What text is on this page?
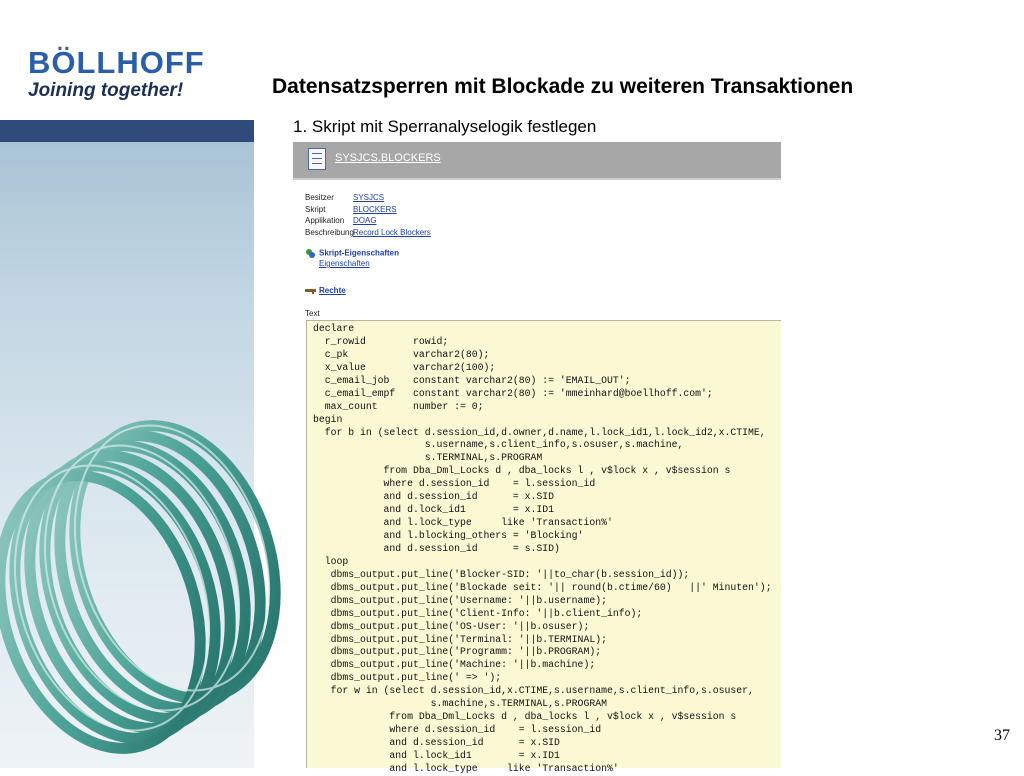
BÖLLHOFF
Joining together!	Datensatzsperren mit Blockade zu weiteren Transaktionen
1. Skript mit Sperranalyselogik festlegen
SYSJCS.BLOCKERS
Besitzer	SYSJCS
Skript	BLOCKERS
Applikation	DOAG
Beschreibung Record Lock Blockers
Skript-Eigenschaften
Eigenschaften
Rechte
Text
declare
r_rowid        rowid;
c_pk           varchar2(80);
x_value        varchar2(100);
c_email_job    constant varchar2(80) := 'EMAIL_OUT';
c_email_empf   constant varchar2(80) := 'mmeinhard@boellhoff.com';
max_count      number := 0;
begin
for b in (select d.session_id,d.owner,d.name,l.lock_id1,l.lock_id2,x.CTIME,
s.username,s.client_info,s.osuser,s.machine,
s.TERMINAL,s.PROGRAM
from Dba_Dml_Locks d , dba_locks l , v$lock x , v$session s
where d.session_id    = l.session_id
and d.session_id      = x.SID
and d.lock_id1        = x.ID1
and l.lock_type     like 'Transaction%'
and l.blocking_others = 'Blocking'
and d.session_id      = s.SID)
loop
dbms_output.put_line('Blocker-SID: '||to_char(b.session_id));
dbms_output.put_line('Blockade seit: '|| round(b.ctime/60)   ||' Minuten');
dbms_output.put_line('Username: '||b.username);
dbms_output.put_line('Client-Info: '||b.client_info);
dbms_output.put_line('OS-User: '||b.osuser);
dbms_output.put_line('Terminal: '||b.TERMINAL);
dbms_output.put_line('Programm: '||b.PROGRAM);
dbms_output.put_line('Machine: '||b.machine);
dbms_output.put_line(' => ');
for w in (select d.session_id,x.CTIME,s.username,s.client_info,s.osuser,
s.machine,s.TERMINAL,s.PROGRAM
from Dba_Dml_Locks d , dba_locks l , v$lock x , v$session s
where d.session_id    = l.session_id
and d.session_id      = x.SID
and l.lock_id1        = x.ID1
and l.lock_type     like 'Transaction%'
37
